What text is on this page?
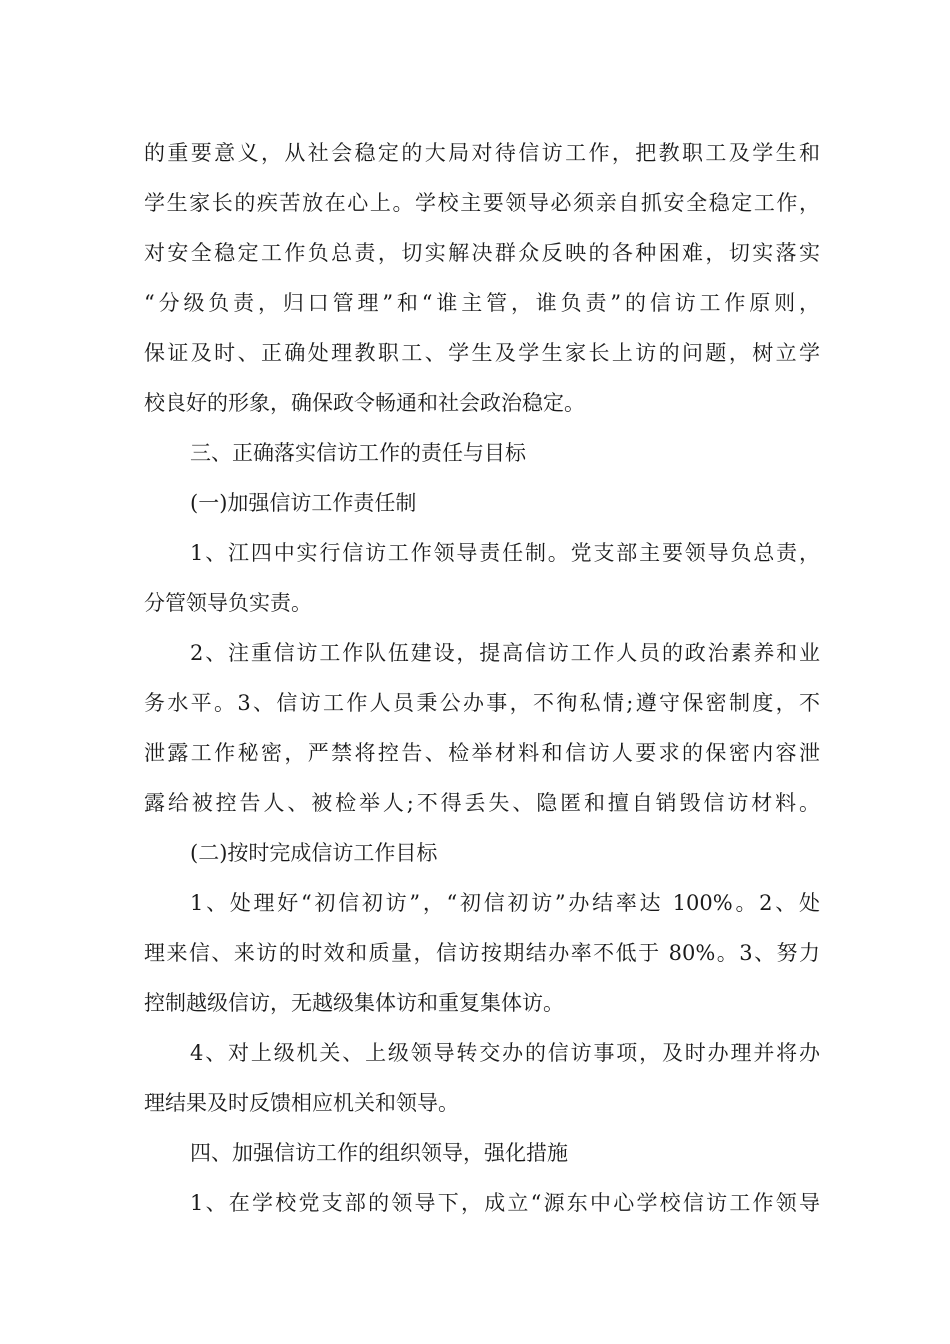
的重要意义，从社会稳定的大局对待信访工作，把教职工及学生和
学生家长的疾苦放在心上。学校主要领导必须亲自抓安全稳定工作，
对安全稳定工作负总责，切实解决群众反映的各种困难，切实落实
“分级负责，归口管理”和“谁主管，谁负责”的信访工作原则，
保证及时、正确处理教职工、学生及学生家长上访的问题，树立学
校良好的形象，确保政令畅通和社会政治稳定。
三、正确落实信访工作的责任与目标
(一)加强信访工作责任制
1、江四中实行信访工作领导责任制。党支部主要领导负总责，
分管领导负实责。
2、注重信访工作队伍建设，提高信访工作人员的政治素养和业
务水平。3、信访工作人员秉公办事，不徇私情;遵守保密制度，不
泄露工作秘密，严禁将控告、检举材料和信访人要求的保密内容泄
露给被控告人、被检举人;不得丢失、隐匿和擅自销毁信访材料。
(二)按时完成信访工作目标
1、处理好“初信初访”，“初信初访”办结率达 100%。2、处
理来信、来访的时效和质量，信访按期结办率不低于 80%。3、努力
控制越级信访，无越级集体访和重复集体访。
4、对上级机关、上级领导转交办的信访事项，及时办理并将办
理结果及时反馈相应机关和领导。
四、加强信访工作的组织领导，强化措施
1、在学校党支部的领导下，成立“源东中心学校信访工作领导
